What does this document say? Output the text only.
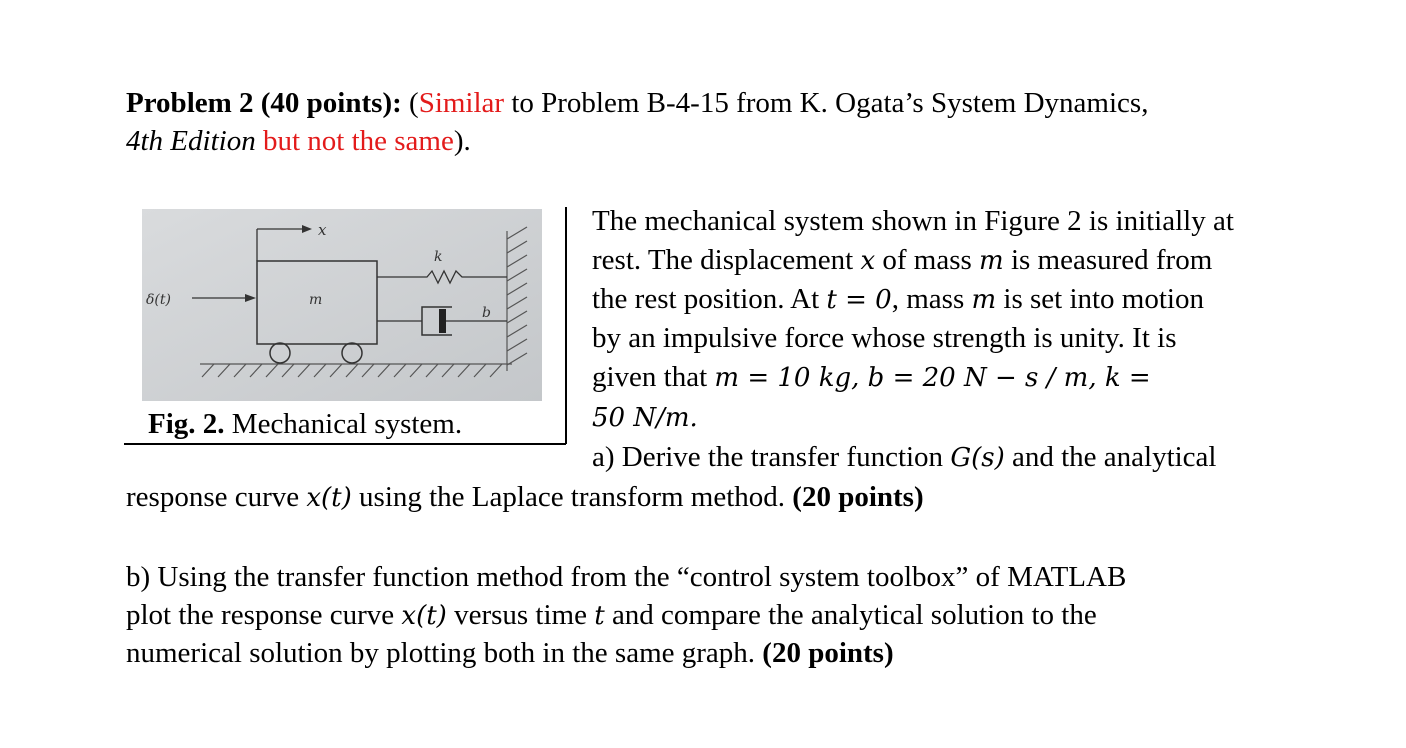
Problem 2 (40 points): (Similar to Problem B-4-15 from K. Ogata’s System Dynamics,
4th Edition but not the same).
x
k
m
b
δ(t)
Fig. 2. Mechanical system.
The mechanical system shown in Figure 2 is initially at
rest. The displacement x of mass m is measured from
the rest position. At t = 0, mass m is set into motion
by an impulsive force whose strength is unity. It is
given that m = 10 kg, b = 20 N − s / m, k =
50 N/m.
a) Derive the transfer function G(s) and the analytical
response curve x(t) using the Laplace transform method. (20 points)
b) Using the transfer function method from the “control system toolbox” of MATLAB
plot the response curve x(t) versus time t and compare the analytical solution to the
numerical solution by plotting both in the same graph. (20 points)
